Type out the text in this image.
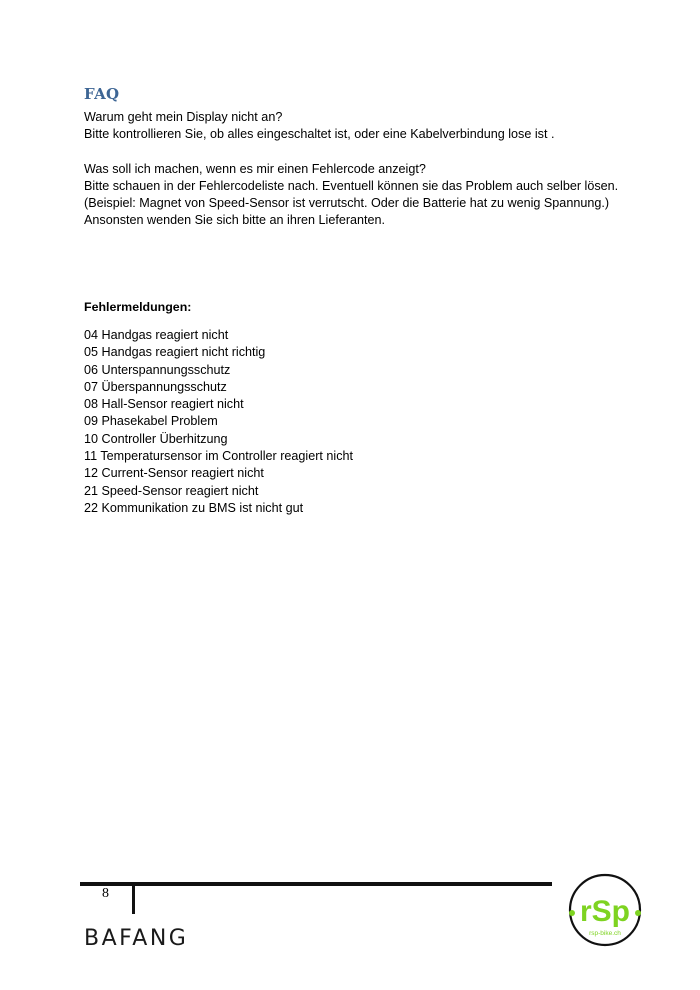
FAQ

Warum geht mein Display nicht an?

Bitte kontrollieren Sie, ob alles eingeschaltet ist, oder eine Kabelverbindung lose ist .

Was soll ich machen, wenn es mir einen Fehlercode anzeigt?

Bitte schauen in der Fehlercodeliste nach. Eventuell können sie das Problem auch selber lösen.

(Beispiel: Magnet von Speed-Sensor ist verrutscht. Oder die Batterie hat zu wenig Spannung.)

Ansonsten wenden Sie sich bitte an ihren Lieferanten.

Fehlermeldungen:
04 Handgas reagiert nicht
05 Handgas reagiert nicht richtig
06 Unterspannungsschutz
07 Überspannungsschutz
08 Hall-Sensor reagiert nicht
09 Phasekabel Problem
10 Controller Überhitzung
11 Temperatursensor im Controller reagiert nicht
12 Current-Sensor reagiert nicht
21 Speed-Sensor reagiert nicht
22 Kommunikation zu BMS ist nicht gut
8
BAFANG
rSp
rsp-bike.ch
